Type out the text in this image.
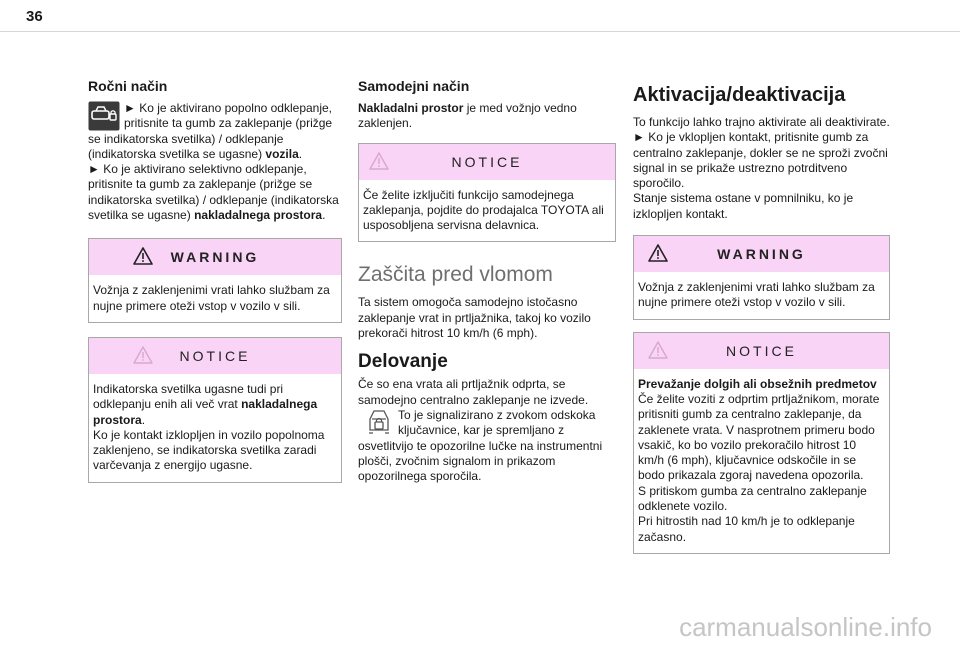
36
Ročni način

► Ko je aktivirano popolno odklepanje, pritisnite ta gumb za zaklepanje (prižge se indikatorska svetilka) / odklepanje (indikatorska svetilka se ugasne) vozila.
► Ko je aktivirano selektivno odklepanje, pritisnite ta gumb za zaklepanje (prižge se indikatorska svetilka) / odklepanje (indikatorska svetilka se ugasne) nakladalnega prostora.

WARNING

Vožnja z zaklenjenimi vrati lahko službam za nujne primere oteži vstop v vozilo v sili.

NOTICE

Indikatorska svetilka ugasne tudi pri odklepanju enih ali več vrat nakladalnega prostora.
Ko je kontakt izklopljen in vozilo popolnoma zaklenjeno, se indikatorska svetilka zaradi varčevanja z energijo ugasne.

Samodejni način

Nakladalni prostor je med vožnjo vedno zaklenjen.

NOTICE

Če želite izključiti funkcijo samodejnega zaklepanja, pojdite do prodajalca TOYOTA ali usposobljena servisna delavnica.

Zaščita pred vlomom

Ta sistem omogoča samodejno istočasno zaklepanje vrat in prtljažnika, takoj ko vozilo prekorači hitrost 10 km/h (6 mph).

Delovanje

Če so ena vrata ali prtljažnik odprta, se samodejno centralno zaklepanje ne izvede.

To je signalizirano z zvokom odskoka ključavnice, kar je spremljano z osvetlitvijo te opozorilne lučke na instrumentni plošči, zvočnim signalom in prikazom opozorilnega sporočila.

Aktivacija/deaktivacija

To funkcijo lahko trajno aktivirate ali deaktivirate.

► Ko je vklopljen kontakt, pritisnite gumb za centralno zaklepanje, dokler se ne sproži zvočni signal in se prikaže ustrezno potrditveno sporočilo.

Stanje sistema ostane v pomnilniku, ko je izklopljen kontakt.

WARNING

Vožnja z zaklenjenimi vrati lahko službam za nujne primere oteži vstop v vozilo v sili.

NOTICE

Prevažanje dolgih ali obsežnih predmetov

Če želite voziti z odprtim prtljažnikom, morate pritisniti gumb za centralno zaklepanje, da zaklenete vrata. V nasprotnem primeru bodo vsakič, ko bo vozilo prekoračilo hitrost 10 km/h (6 mph), ključavnice odskočile in se bodo prikazala zgoraj navedena opozorila.

S pritiskom gumba za centralno zaklepanje odklenete vozilo.

Pri hitrostih nad 10 km/h je to odklepanje začasno.

carmanualsonline.info
